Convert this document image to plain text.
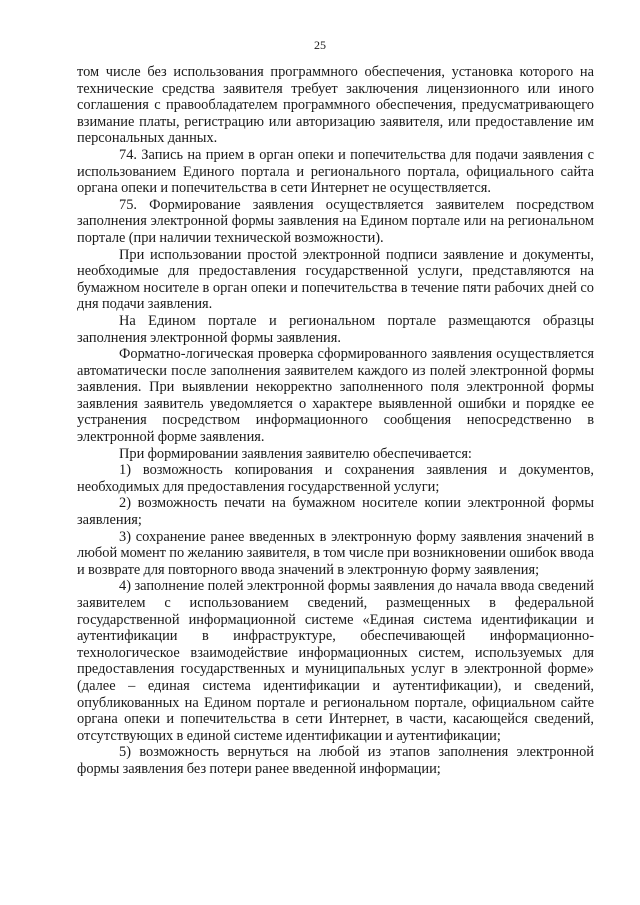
25

том числе без использования программного обеспечения, установка которого на технические средства заявителя требует заключения лицензионного или иного соглашения с правообладателем программного обеспечения, предусматривающего взимание платы, регистрацию или авторизацию заявителя, или предоставление им персональных данных.

74. Запись на прием в орган опеки и попечительства для подачи заявления с использованием Единого портала и регионального портала, официального сайта органа опеки и попечительства в сети Интернет не осуществляется.

75. Формирование заявления осуществляется заявителем посредством заполнения электронной формы заявления на Едином портале или на региональном портале (при наличии технической возможности).

При использовании простой электронной подписи заявление и документы, необходимые для предоставления государственной услуги, представляются на бумажном носителе в орган опеки и попечительства в течение пяти рабочих дней со дня подачи заявления.

На Едином портале и региональном портале размещаются образцы заполнения электронной формы заявления.

Форматно-логическая проверка сформированного заявления осуществляется автоматически после заполнения заявителем каждого из полей электронной формы заявления. При выявлении некорректно заполненного поля электронной формы заявления заявитель уведомляется о характере выявленной ошибки и порядке ее устранения посредством информационного сообщения непосредственно в электронной форме заявления.

При формировании заявления заявителю обеспечивается:

1) возможность копирования и сохранения заявления и документов, необходимых для предоставления государственной услуги;

2) возможность печати на бумажном носителе копии электронной формы заявления;

3) сохранение ранее введенных в электронную форму заявления значений в любой момент по желанию заявителя, в том числе при возникновении ошибок ввода и возврате для повторного ввода значений в электронную форму заявления;

4) заполнение полей электронной формы заявления до начала ввода сведений заявителем с использованием сведений, размещенных в федеральной государственной информационной системе «Единая система идентификации и аутентификации в инфраструктуре, обеспечивающей информационно-технологическое взаимодействие информационных систем, используемых для предоставления государственных и муниципальных услуг в электронной форме» (далее – единая система идентификации и аутентификации), и сведений, опубликованных на Едином портале и региональном портале, официальном сайте органа опеки и попечительства в сети Интернет, в части, касающейся сведений, отсутствующих в единой системе идентификации и аутентификации;

5) возможность вернуться на любой из этапов заполнения электронной формы заявления без потери ранее введенной информации;
